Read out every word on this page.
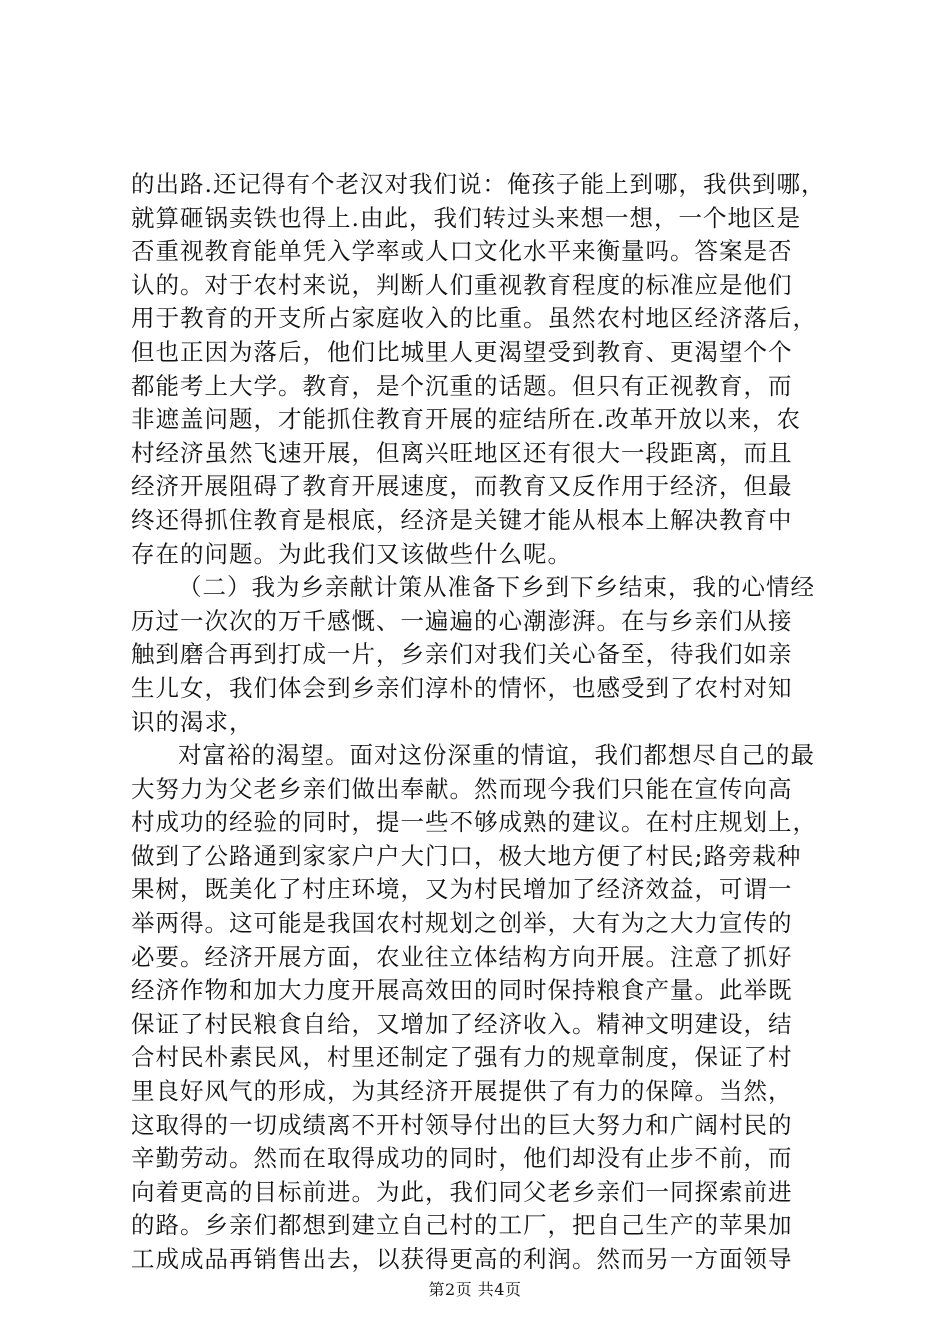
的出路.还记得有个老汉对我们说：俺孩子能上到哪，我供到哪，
就算砸锅卖铁也得上.由此，我们转过头来想一想，一个地区是
否重视教育能单凭入学率或人口文化水平来衡量吗。答案是否
认的。对于农村来说，判断人们重视教育程度的标准应是他们
用于教育的开支所占家庭收入的比重。虽然农村地区经济落后，
但也正因为落后，他们比城里人更渴望受到教育、更渴望个个
都能考上大学。教育，是个沉重的话题。但只有正视教育，而
非遮盖问题，才能抓住教育开展的症结所在.改革开放以来，农
村经济虽然飞速开展，但离兴旺地区还有很大一段距离，而且
经济开展阻碍了教育开展速度，而教育又反作用于经济，但最
终还得抓住教育是根底，经济是关键才能从根本上解决教育中
存在的问题。为此我们又该做些什么呢。
（二）我为乡亲献计策从准备下乡到下乡结束，我的心情经
历过一次次的万千感慨、一遍遍的心潮澎湃。在与乡亲们从接
触到磨合再到打成一片，乡亲们对我们关心备至，待我们如亲
生儿女，我们体会到乡亲们淳朴的情怀，也感受到了农村对知
识的渴求，
对富裕的渴望。面对这份深重的情谊，我们都想尽自己的最
大努力为父老乡亲们做出奉献。然而现今我们只能在宣传向高
村成功的经验的同时，提一些不够成熟的建议。在村庄规划上，
做到了公路通到家家户户大门口，极大地方便了村民;路旁栽种
果树，既美化了村庄环境，又为村民增加了经济效益，可谓一
举两得。这可能是我国农村规划之创举，大有为之大力宣传的
必要。经济开展方面，农业往立体结构方向开展。注意了抓好
经济作物和加大力度开展高效田的同时保持粮食产量。此举既
保证了村民粮食自给，又增加了经济收入。精神文明建设，结
合村民朴素民风，村里还制定了强有力的规章制度，保证了村
里良好风气的形成，为其经济开展提供了有力的保障。当然，
这取得的一切成绩离不开村领导付出的巨大努力和广阔村民的
辛勤劳动。然而在取得成功的同时，他们却没有止步不前，而
向着更高的目标前进。为此，我们同父老乡亲们一同探索前进
的路。乡亲们都想到建立自己村的工厂，把自己生产的苹果加
工成成品再销售出去，以获得更高的利润。然而另一方面领导
第2页 共4页
